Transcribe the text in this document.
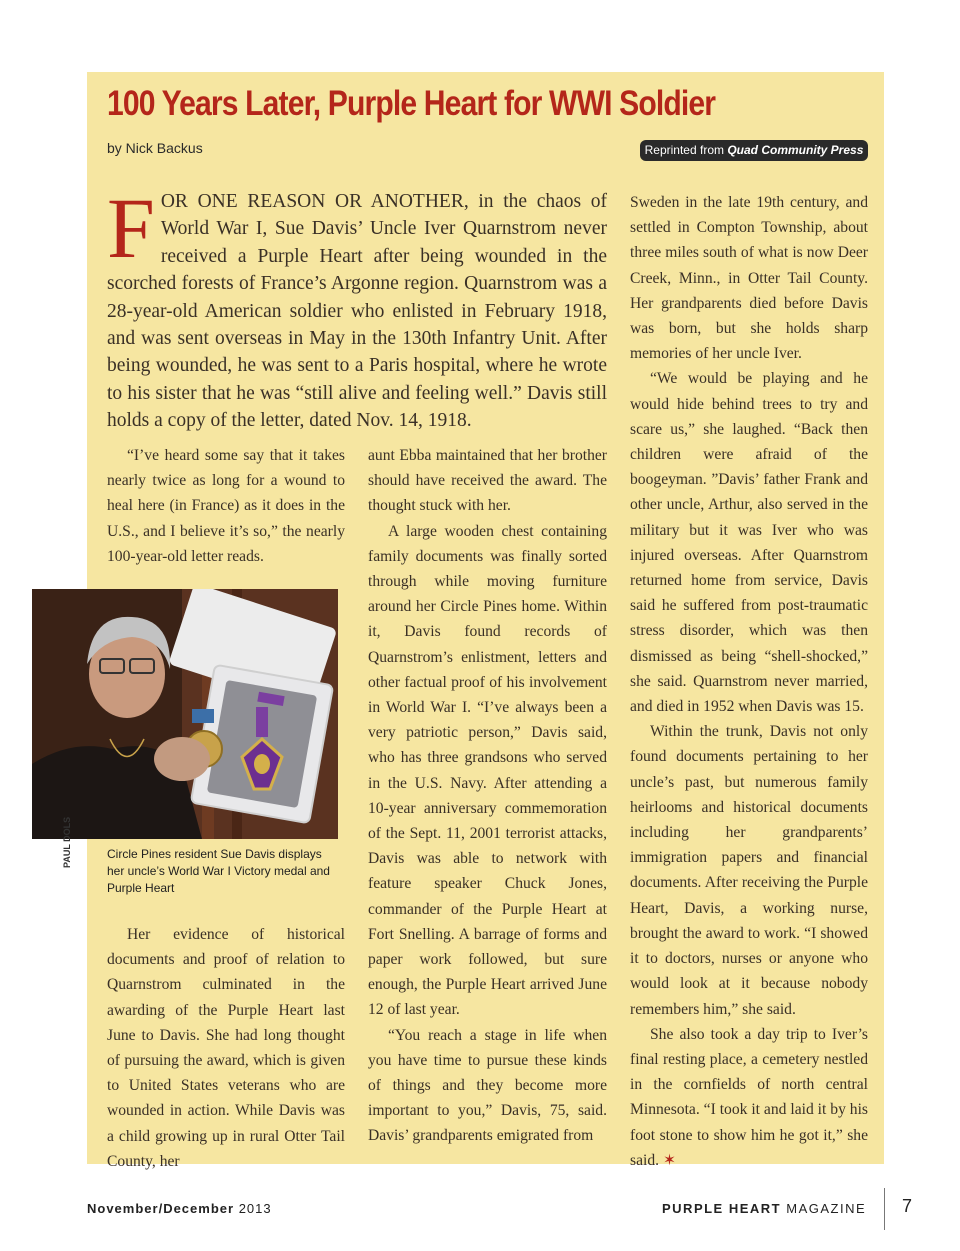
100 Years Later, Purple Heart for WWI Soldier
by Nick Backus	Reprinted from Quad Community Press

FOR ONE REASON OR ANOTHER, in the chaos of World War I, Sue Davis’ Uncle Iver Quarnstrom never received a Purple Heart after being wounded in the scorched forests of France’s Argonne region. Quarnstrom was a 28-year-old American soldier who enlisted in February 1918, and was sent overseas in May in the 130th Infantry Unit. After being wounded, he was sent to a Paris hospital, where he wrote to his sister that he was “still alive and feeling well.” Davis still holds a copy of the letter, dated Nov. 14, 1918.

“I’ve heard some say that it takes nearly twice as long for a wound to heal here (in France) as it does in the U.S., and I believe it’s so,” the nearly 100-year-old letter reads.

PAUL DOLS	Circle Pines resident Sue Davis displays her uncle’s World War I Victory medal and Purple Heart

Her evidence of historical documents and proof of relation to Quarnstrom culminated in the awarding of the Purple Heart last June to Davis. She had long thought of pursuing the award, which is given to United States veterans who are wounded in action. While Davis was a child growing up in rural Otter Tail County, her

aunt Ebba maintained that her brother should have received the award. The thought stuck with her.

A large wooden chest containing family documents was finally sorted through while moving furniture around her Circle Pines home. Within it, Davis found records of Quarnstrom’s enlistment, letters and other factual proof of his involvement in World War I. “I’ve always been a very patriotic person,” Davis said, who has three grandsons who served in the U.S. Navy. After attending a 10-year anniversary commemoration of the Sept. 11, 2001 terrorist attacks, Davis was able to network with feature speaker Chuck Jones, commander of the Purple Heart at Fort Snelling. A barrage of forms and paper work followed, but sure enough, the Purple Heart arrived June 12 of last year.

“You reach a stage in life when you have time to pursue these kinds of things and they become more important to you,” Davis, 75, said. Davis’ grandparents emigrated from

Sweden in the late 19th century, and settled in Compton Township, about three miles south of what is now Deer Creek, Minn., in Otter Tail County. Her grandparents died before Davis was born, but she holds sharp memories of her uncle Iver.

“We would be playing and he would hide behind trees to try and scare us,” she laughed. “Back then children were afraid of the boogeyman. ”Davis’ father Frank and other uncle, Arthur, also served in the military but it was Iver who was injured overseas. After Quarnstrom returned home from service, Davis said he suffered from post-traumatic stress disorder, which was then dismissed as being “shell-shocked,” she said. Quarnstrom never married, and died in 1952 when Davis was 15.

Within the trunk, Davis not only found documents pertaining to her uncle’s past, but numerous family heirlooms and historical documents including her grandparents’ immigration papers and financial documents. After receiving the Purple Heart, Davis, a working nurse, brought the award to work. “I showed it to doctors, nurses or anyone who would look at it because nobody remembers him,” she said.

She also took a day trip to Iver’s final resting place, a cemetery nestled in the cornfields of north central Minnesota. “I took it and laid it by his foot stone to show him he got it,” she said. ✶

November/December 2013	PURPLE HEART MAGAZINE 7
